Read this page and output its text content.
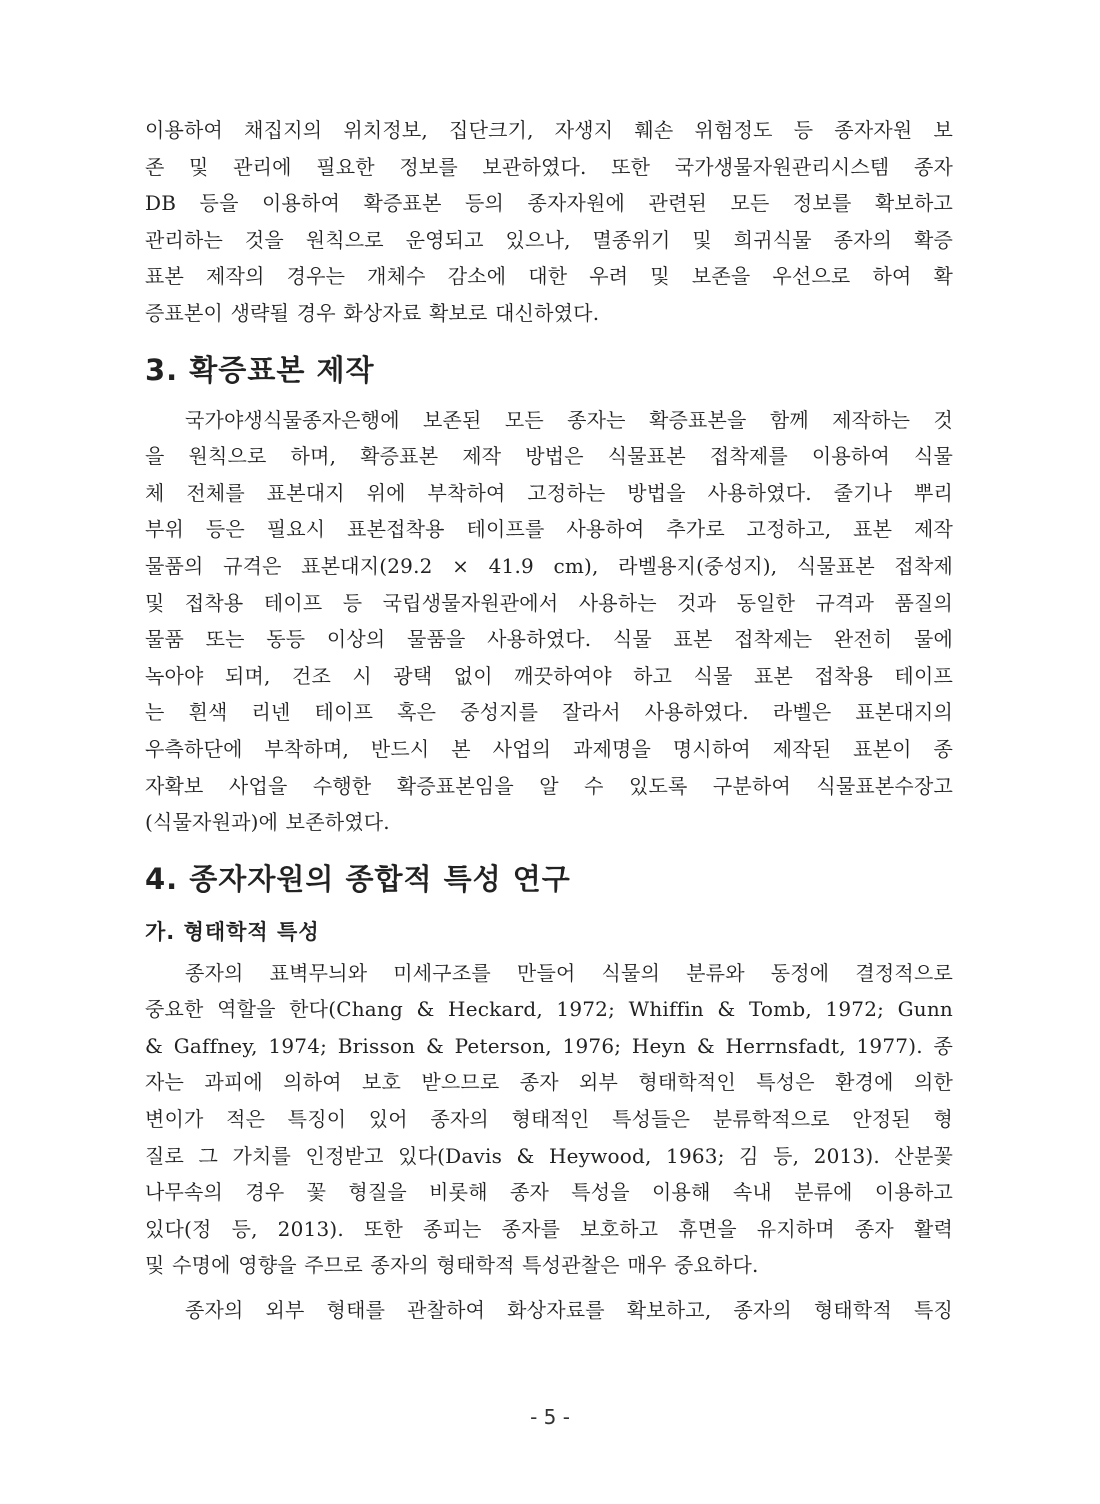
이용하여 채집지의 위치정보, 집단크기, 자생지 훼손 위험정도 등 종자자원 보
존 및 관리에 필요한 정보를 보관하였다. 또한 국가생물자원관리시스템 종자
DB 등을 이용하여 확증표본 등의 종자자원에 관련된 모든 정보를 확보하고
관리하는 것을 원칙으로 운영되고 있으나, 멸종위기 및 희귀식물 종자의 확증
표본 제작의 경우는 개체수 감소에 대한 우려 및 보존을 우선으로 하여 확
증표본이 생략될 경우 화상자료 확보로 대신하였다.

3. 확증표본 제작

국가야생식물종자은행에 보존된 모든 종자는 확증표본을 함께 제작하는 것
을 원칙으로 하며, 확증표본 제작 방법은 식물표본 접착제를 이용하여 식물
체 전체를 표본대지 위에 부착하여 고정하는 방법을 사용하였다. 줄기나 뿌리
부위 등은 필요시 표본접착용 테이프를 사용하여 추가로 고정하고, 표본 제작
물품의 규격은 표본대지(29.2 × 41.9 cm), 라벨용지(중성지), 식물표본 접착제
및 접착용 테이프 등 국립생물자원관에서 사용하는 것과 동일한 규격과 품질의
물품 또는 동등 이상의 물품을 사용하였다. 식물 표본 접착제는 완전히 물에
녹아야 되며, 건조 시 광택 없이 깨끗하여야 하고 식물 표본 접착용 테이프
는 흰색 리넨 테이프 혹은 중성지를 잘라서 사용하였다. 라벨은 표본대지의
우측하단에 부착하며, 반드시 본 사업의 과제명을 명시하여 제작된 표본이 종
자확보 사업을 수행한 확증표본임을 알 수 있도록 구분하여 식물표본수장고
(식물자원과)에 보존하였다.

4. 종자자원의 종합적 특성 연구
가. 형태학적 특성

종자의 표벽무늬와 미세구조를 만들어 식물의 분류와 동정에 결정적으로
중요한 역할을 한다(Chang & Heckard, 1972; Whiffin & Tomb, 1972; Gunn
& Gaffney, 1974; Brisson & Peterson, 1976; Heyn & Herrnsfadt, 1977). 종
자는 과피에 의하여 보호 받으므로 종자 외부 형태학적인 특성은 환경에 의한
변이가 적은 특징이 있어 종자의 형태적인 특성들은 분류학적으로 안정된 형
질로 그 가치를 인정받고 있다(Davis & Heywood, 1963; 김 등, 2013). 산분꽃
나무속의 경우 꽃 형질을 비롯해 종자 특성을 이용해 속내 분류에 이용하고
있다(정 등, 2013). 또한 종피는 종자를 보호하고 휴면을 유지하며 종자 활력
및 수명에 영향을 주므로 종자의 형태학적 특성관찰은 매우 중요하다.

종자의 외부 형태를 관찰하여 화상자료를 확보하고, 종자의 형태학적 특징

- 5 -
